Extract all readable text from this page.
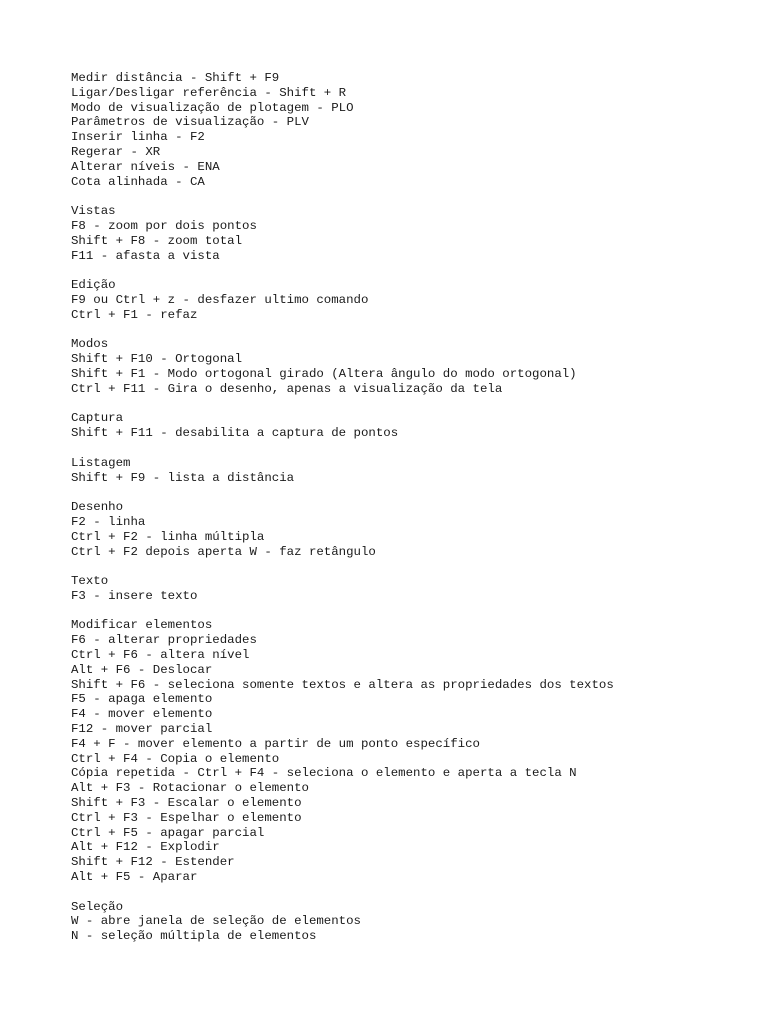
Medir distância - Shift + F9
Ligar/Desligar referência - Shift + R
Modo de visualização de plotagem - PLO
Parâmetros de visualização - PLV
Inserir linha - F2
Regerar - XR
Alterar níveis - ENA
Cota alinhada - CA
Vistas
F8 - zoom por dois pontos
Shift + F8 - zoom total
F11 - afasta a vista
Edição
F9 ou Ctrl + z - desfazer ultimo comando
Ctrl + F1 - refaz
Modos
Shift + F10 - Ortogonal
Shift + F1 - Modo ortogonal girado (Altera ângulo do modo ortogonal)
Ctrl + F11 - Gira o desenho, apenas a visualização da tela
Captura
Shift + F11 - desabilita a captura de pontos
Listagem
Shift + F9 - lista a distância
Desenho
F2 - linha
Ctrl + F2 - linha múltipla
Ctrl + F2 depois aperta W - faz retângulo
Texto
F3 - insere texto
Modificar elementos
F6 - alterar propriedades
Ctrl + F6 - altera nível
Alt + F6 - Deslocar
Shift + F6 - seleciona somente textos e altera as propriedades dos textos
F5 - apaga elemento
F4 - mover elemento
F12 - mover parcial
F4 + F - mover elemento a partir de um ponto específico
Ctrl + F4 - Copia o elemento
Cópia repetida - Ctrl + F4 - seleciona o elemento e aperta a tecla N
Alt + F3 - Rotacionar o elemento
Shift + F3 - Escalar o elemento
Ctrl + F3 - Espelhar o elemento
Ctrl + F5 - apagar parcial
Alt + F12 - Explodir
Shift + F12 - Estender
Alt + F5 - Aparar
Seleção
W - abre janela de seleção de elementos
N - seleção múltipla de elementos
